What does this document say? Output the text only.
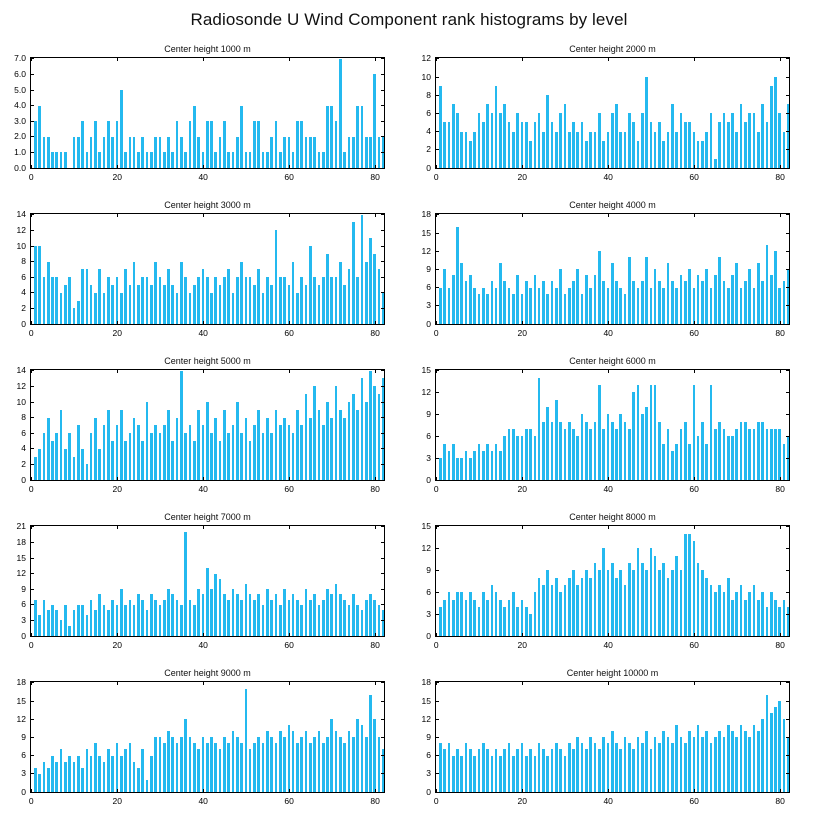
Radiosonde U Wind Component rank histograms by level
Center height 1000 m
0.0
1.0
2.0
3.0
4.0
5.0
6.0
7.0
0	20	40	60	80
Center height 2000 m
0
2
4
6
8
10
12
0	20	40	60	80
Center height 3000 m
0
2
4
6
8
10
12
14
0	20	40	60	80
Center height 4000 m
0
3
6
9
12
15
18
0	20	40	60	80
Center height 5000 m
0
2
4
6
8
10
12
14
0	20	40	60	80
Center height 6000 m
0
3
6
9
12
15
0	20	40	60	80
Center height 7000 m
0
3
6
9
12
15
18
21
0	20	40	60	80
Center height 8000 m
0
3
6
9
12
15
0	20	40	60	80
Center height 9000 m
0
3
6
9
12
15
18
0	20	40	60	80
Center height 10000 m
0
3
6
9
12
15
18
0	20	40	60	80
